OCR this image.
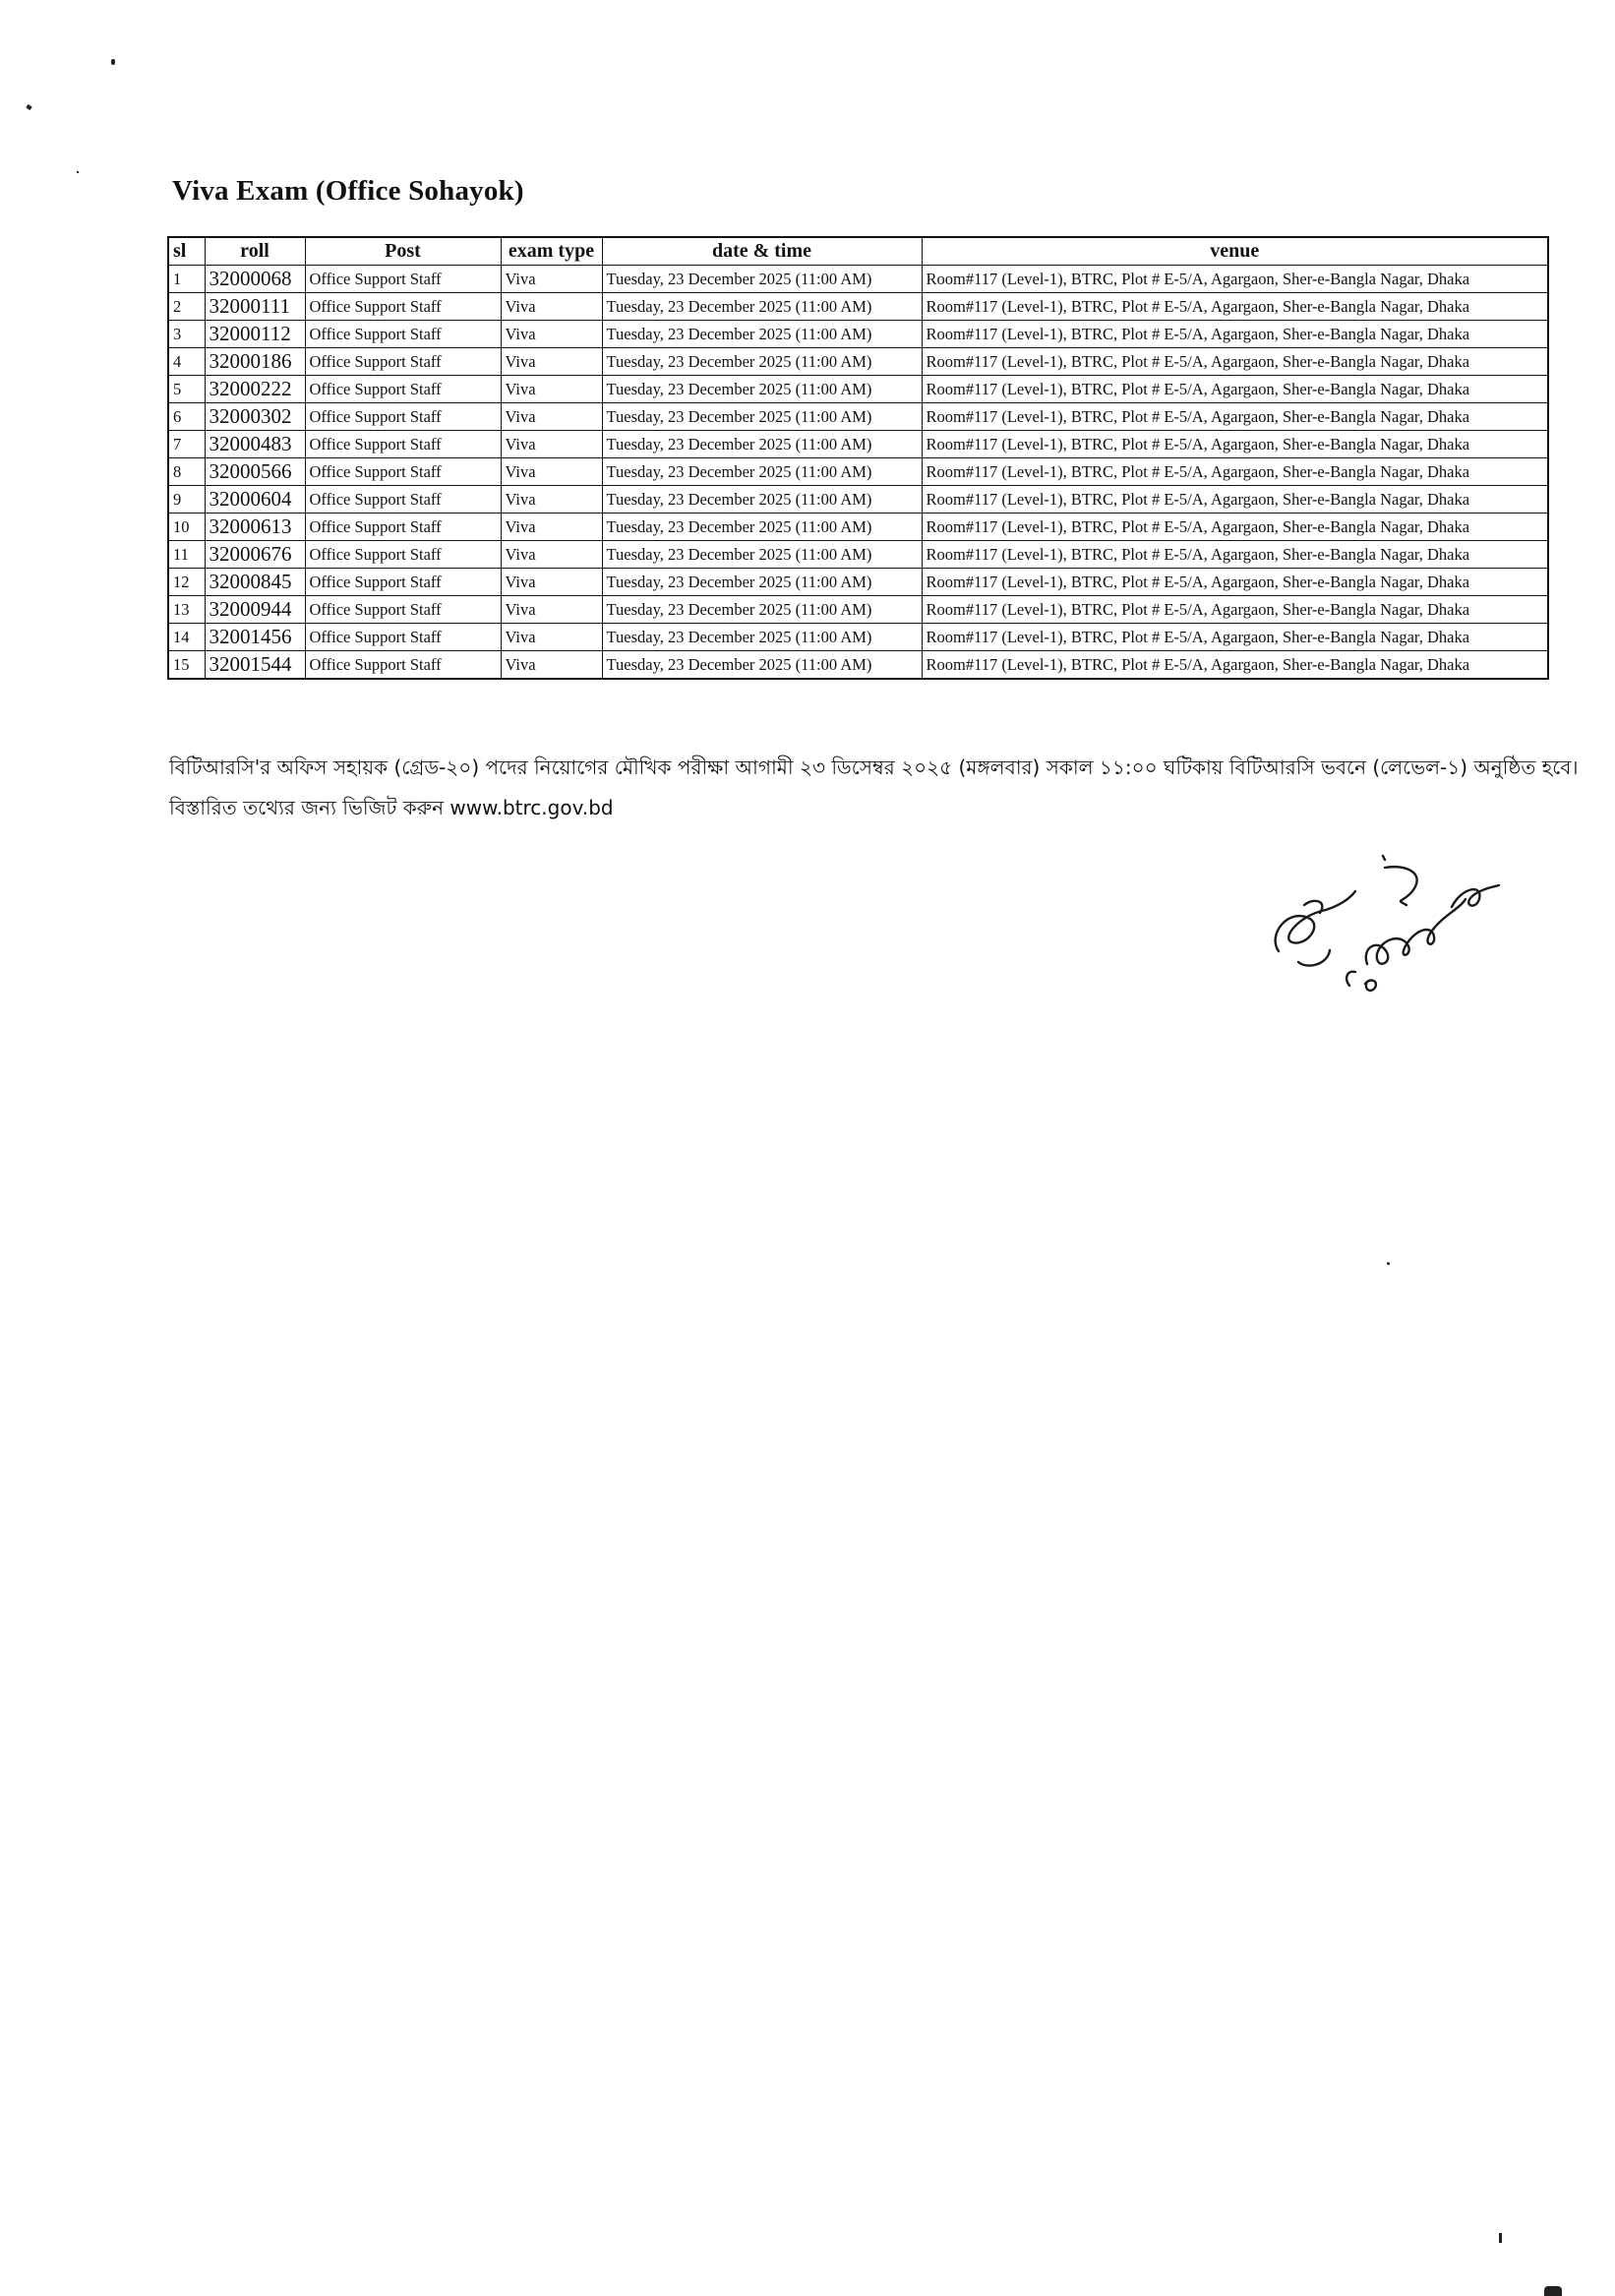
Viva Exam (Office Sohayok)
sl	roll	Post	exam type	date & time	venue
1	32000068	Office Support Staff	Viva	Tuesday, 23 December 2025 (11:00 AM)	Room#117 (Level-1), BTRC, Plot # E-5/A, Agargaon, Sher-e-Bangla Nagar, Dhaka
2	32000111	Office Support Staff	Viva	Tuesday, 23 December 2025 (11:00 AM)	Room#117 (Level-1), BTRC, Plot # E-5/A, Agargaon, Sher-e-Bangla Nagar, Dhaka
3	32000112	Office Support Staff	Viva	Tuesday, 23 December 2025 (11:00 AM)	Room#117 (Level-1), BTRC, Plot # E-5/A, Agargaon, Sher-e-Bangla Nagar, Dhaka
4	32000186	Office Support Staff	Viva	Tuesday, 23 December 2025 (11:00 AM)	Room#117 (Level-1), BTRC, Plot # E-5/A, Agargaon, Sher-e-Bangla Nagar, Dhaka
5	32000222	Office Support Staff	Viva	Tuesday, 23 December 2025 (11:00 AM)	Room#117 (Level-1), BTRC, Plot # E-5/A, Agargaon, Sher-e-Bangla Nagar, Dhaka
6	32000302	Office Support Staff	Viva	Tuesday, 23 December 2025 (11:00 AM)	Room#117 (Level-1), BTRC, Plot # E-5/A, Agargaon, Sher-e-Bangla Nagar, Dhaka
7	32000483	Office Support Staff	Viva	Tuesday, 23 December 2025 (11:00 AM)	Room#117 (Level-1), BTRC, Plot # E-5/A, Agargaon, Sher-e-Bangla Nagar, Dhaka
8	32000566	Office Support Staff	Viva	Tuesday, 23 December 2025 (11:00 AM)	Room#117 (Level-1), BTRC, Plot # E-5/A, Agargaon, Sher-e-Bangla Nagar, Dhaka
9	32000604	Office Support Staff	Viva	Tuesday, 23 December 2025 (11:00 AM)	Room#117 (Level-1), BTRC, Plot # E-5/A, Agargaon, Sher-e-Bangla Nagar, Dhaka
10	32000613	Office Support Staff	Viva	Tuesday, 23 December 2025 (11:00 AM)	Room#117 (Level-1), BTRC, Plot # E-5/A, Agargaon, Sher-e-Bangla Nagar, Dhaka
11	32000676	Office Support Staff	Viva	Tuesday, 23 December 2025 (11:00 AM)	Room#117 (Level-1), BTRC, Plot # E-5/A, Agargaon, Sher-e-Bangla Nagar, Dhaka
12	32000845	Office Support Staff	Viva	Tuesday, 23 December 2025 (11:00 AM)	Room#117 (Level-1), BTRC, Plot # E-5/A, Agargaon, Sher-e-Bangla Nagar, Dhaka
13	32000944	Office Support Staff	Viva	Tuesday, 23 December 2025 (11:00 AM)	Room#117 (Level-1), BTRC, Plot # E-5/A, Agargaon, Sher-e-Bangla Nagar, Dhaka
14	32001456	Office Support Staff	Viva	Tuesday, 23 December 2025 (11:00 AM)	Room#117 (Level-1), BTRC, Plot # E-5/A, Agargaon, Sher-e-Bangla Nagar, Dhaka
15	32001544	Office Support Staff	Viva	Tuesday, 23 December 2025 (11:00 AM)	Room#117 (Level-1), BTRC, Plot # E-5/A, Agargaon, Sher-e-Bangla Nagar, Dhaka
বিটিআরসি'র অফিস সহায়ক (গ্রেড-২০) পদের নিয়োগের মৌখিক পরীক্ষা আগামী ২৩ ডিসেম্বর ২০২৫ (মঙ্গলবার) সকাল ১১:০০ ঘটিকায় বিটিআরসি ভবনে (লেভেল-১) অনুষ্ঠিত হবে।
বিস্তারিত তথ্যের জন্য ভিজিট করুন www.btrc.gov.bd
